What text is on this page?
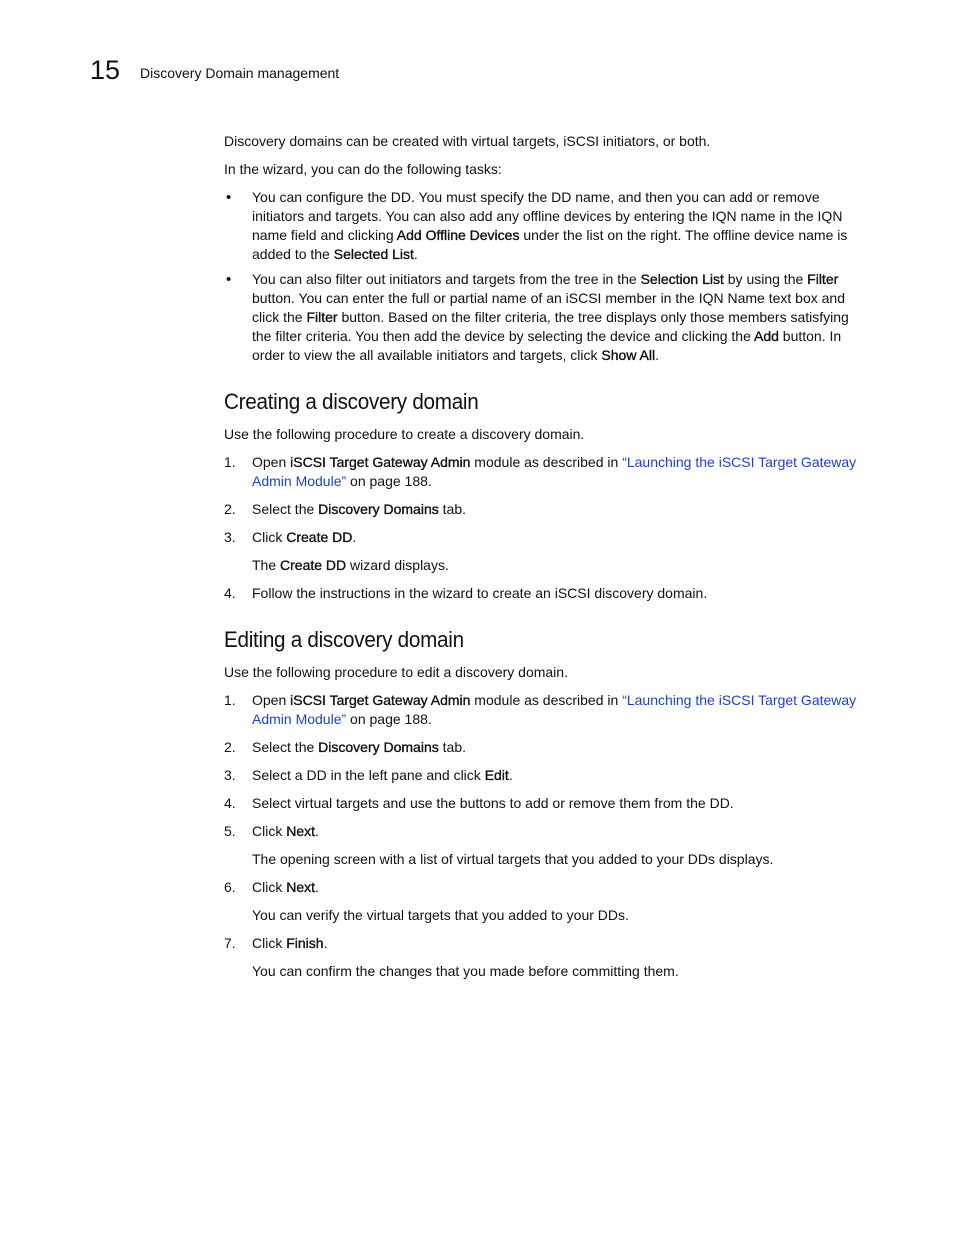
15 Discovery Domain management

Discovery domains can be created with virtual targets, iSCSI initiators, or both.

In the wizard, you can do the following tasks:

• You can configure the DD. You must specify the DD name, and then you can add or remove initiators and targets. You can also add any offline devices by entering the IQN name in the IQN name field and clicking Add Offline Devices under the list on the right. The offline device name is added to the Selected List.
• You can also filter out initiators and targets from the tree in the Selection List by using the Filter button. You can enter the full or partial name of an iSCSI member in the IQN Name text box and click the Filter button. Based on the filter criteria, the tree displays only those members satisfying the filter criteria. You then add the device by selecting the device and clicking the Add button. In order to view the all available initiators and targets, click Show All.
Creating a discovery domain

Use the following procedure to create a discovery domain.

1. Open iSCSI Target Gateway Admin module as described in “Launching the iSCSI Target Gateway Admin Module” on page 188.
2. Select the Discovery Domains tab.
3. Click Create DD.
The Create DD wizard displays.
4. Follow the instructions in the wizard to create an iSCSI discovery domain.
Editing a discovery domain

Use the following procedure to edit a discovery domain.

1. Open iSCSI Target Gateway Admin module as described in “Launching the iSCSI Target Gateway Admin Module” on page 188.
2. Select the Discovery Domains tab.
3. Select a DD in the left pane and click Edit.
4. Select virtual targets and use the buttons to add or remove them from the DD.
5. Click Next.
The opening screen with a list of virtual targets that you added to your DDs displays.
6. Click Next.
You can verify the virtual targets that you added to your DDs.
7. Click Finish.
You can confirm the changes that you made before committing them.
